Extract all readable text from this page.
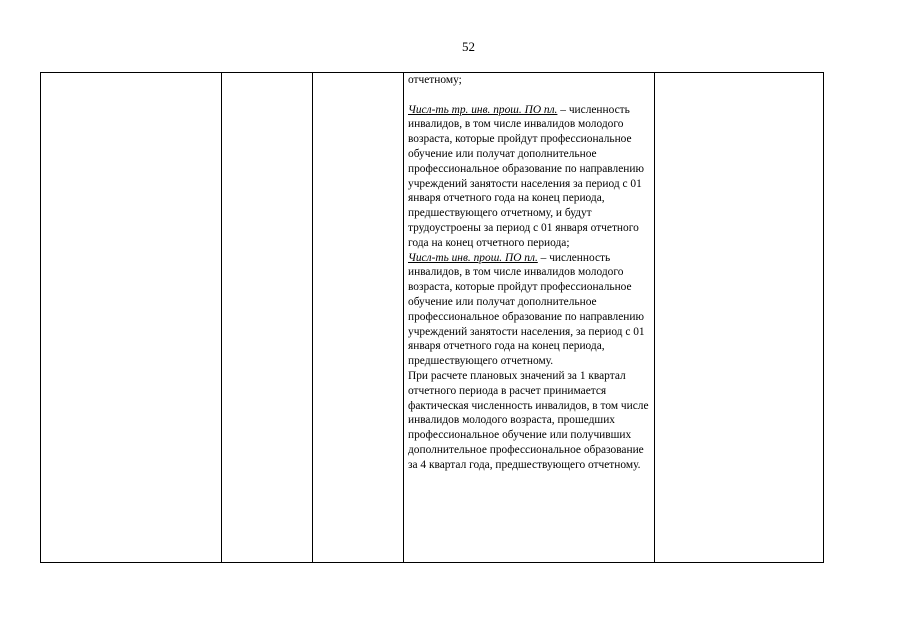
52

отчетному;

Числ-ть тр. инв. прош. ПО пл. – численность инвалидов, в том числе инвалидов молодого возраста, которые пройдут профессиональное обучение или получат дополнительное профессиональное образование по направлению учреждений занятости населения за период с 01 января отчетного года на конец периода, предшествующего отчетному, и будут трудоустроены за период с 01 января отчетного года на конец отчетного периода;

Числ-ть инв. прош. ПО пл. – численность инвалидов, в том числе инвалидов молодого возраста, которые пройдут профессиональное обучение или получат дополнительное профессиональное образование по направлению учреждений занятости населения, за период с 01 января отчетного года на конец периода, предшествующего отчетному.

При расчете плановых значений за 1 квартал отчетного периода в расчет принимается фактическая численность инвалидов, в том числе инвалидов молодого возраста, прошедших профессиональное обучение или получивших дополнительное профессиональное образование за 4 квартал года, предшествующего отчетному.
